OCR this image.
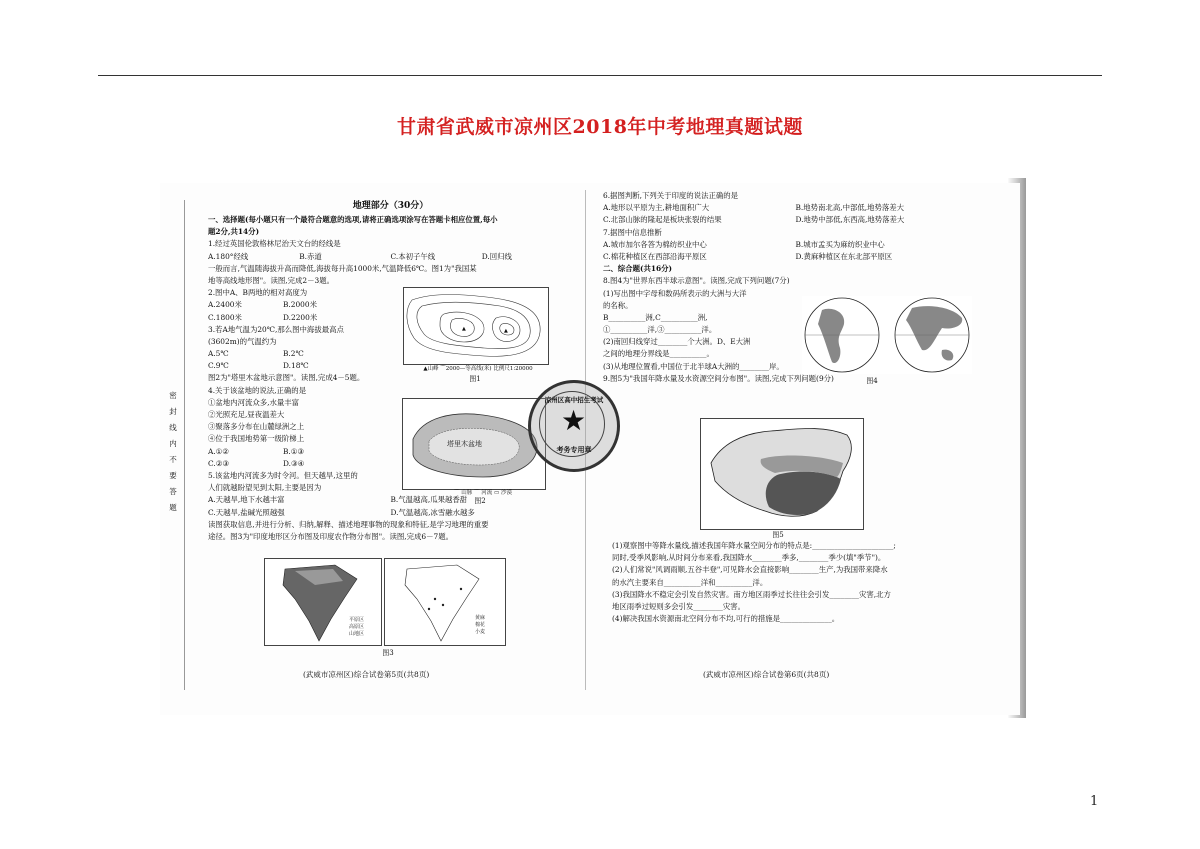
甘肃省武威市凉州区2018年中考地理真题试题
密 封 线 内 不 要 答 题
地理部分（30分）
一、选择题(每小题只有一个最符合题意的选项,请将正确选项涂写在答题卡相应位置,每小
题2分,共14分)
1.经过英国伦敦格林尼治天文台的经线是
A.180°经线	B.赤道	C.本初子午线	D.回归线
一般而言,气温随海拔升高而降低,海拔每升高1000米,气温降低6℃。图1为"我国某
地等高线地形图"。读图,完成2－3题。
2.图中A、B两地的相对高度为
A.2400米	B.2000米
C.1800米	D.2200米
3.若A地气温为20℃,那么图中海拔最高点
(3602m)的气温约为
A.5℃	B.2℃
C.9℃	D.18℃
图2为"塔里木盆地示意图"。读图,完成4－5题。
4.关于该盆地的说法,正确的是
①盆地内河流众多,水量丰富
②光照充足,昼夜温差大
③聚落多分布在山麓绿洲之上
④位于我国地势第一级阶梯上
A.①②	B.①③
C.②③	D.③④
5.该盆地内河流多为时令河。但天越旱,这里的
人们就越盼望见到太阳,主要是因为
A.天越旱,地下水越丰富	B.气温越高,瓜果越香甜
C.天越旱,盐碱光照越强	D.气温越高,冰雪融水越多
读图获取信息,并进行分析、归纳,解释、描述地理事物的现象和特征,是学习地理的重要
途径。图3为"印度地形区分布图及印度农作物分布图"。读图,完成6－7题。
▲	▲
▲山峰 ⌒2000—等高线(米) 比例尺1:20000
图1
塔里木盆地
⌒ 山脉 ⌒ 河流 ▭ 沙漠
图2
平原区
高原区
山地区
黄麻
棉花
小麦
图3
凉州区高中招生考试
★
考务专用章
6.据图判断,下列关于印度的说法正确的是
A.地形以平原为主,耕地面积广大	B.地势南北高,中部低,地势落差大
C.北部山脉的隆起是板块张裂的结果	D.地势中部低,东西高,地势落差大
7.据图中信息推断
A.城市加尔各答为棉纺织业中心	B.城市孟买为麻纺织业中心
C.棉花种植区在西部沿海平原区	D.黄麻种植区在东北部平原区
二、综合题(共16分)
8.图4为"世界东西半球示意图"。读图,完成下列问题(7分)
(1)写出图中字母和数码所表示的大洲与大洋
的名称。
B__________洲,C__________洲,
①__________洋,③__________洋。
(2)南回归线穿过________个大洲。D、E大洲
之间的地理分界线是__________。
(3)从地理位置看,中国位于北半球A大洲的________岸。
9.图5为"我国年降水量及水资源空间分布图"。读图,完成下列问题(9分)	图4
图5
(1)观察图中等降水量线,描述我国年降水量空间分布的特点是:______________________;
同时,受季风影响,从时间分布来看,我国降水________季多,________季少(填"季节")。
(2)人们常说"风调雨顺,五谷丰登",可见降水会直接影响________生产,为我国带来降水
的水汽主要来自__________洋和__________洋。
(3)我国降水不稳定会引发自然灾害。南方地区雨季过长往往会引发________灾害,北方
地区雨季过短则多会引发________灾害。
(4)解决我国水资源南北空间分布不均,可行的措施是______________。
(武威市凉州区)综合试卷第5页(共8页)	(武威市凉州区)综合试卷第6页(共8页)
1
